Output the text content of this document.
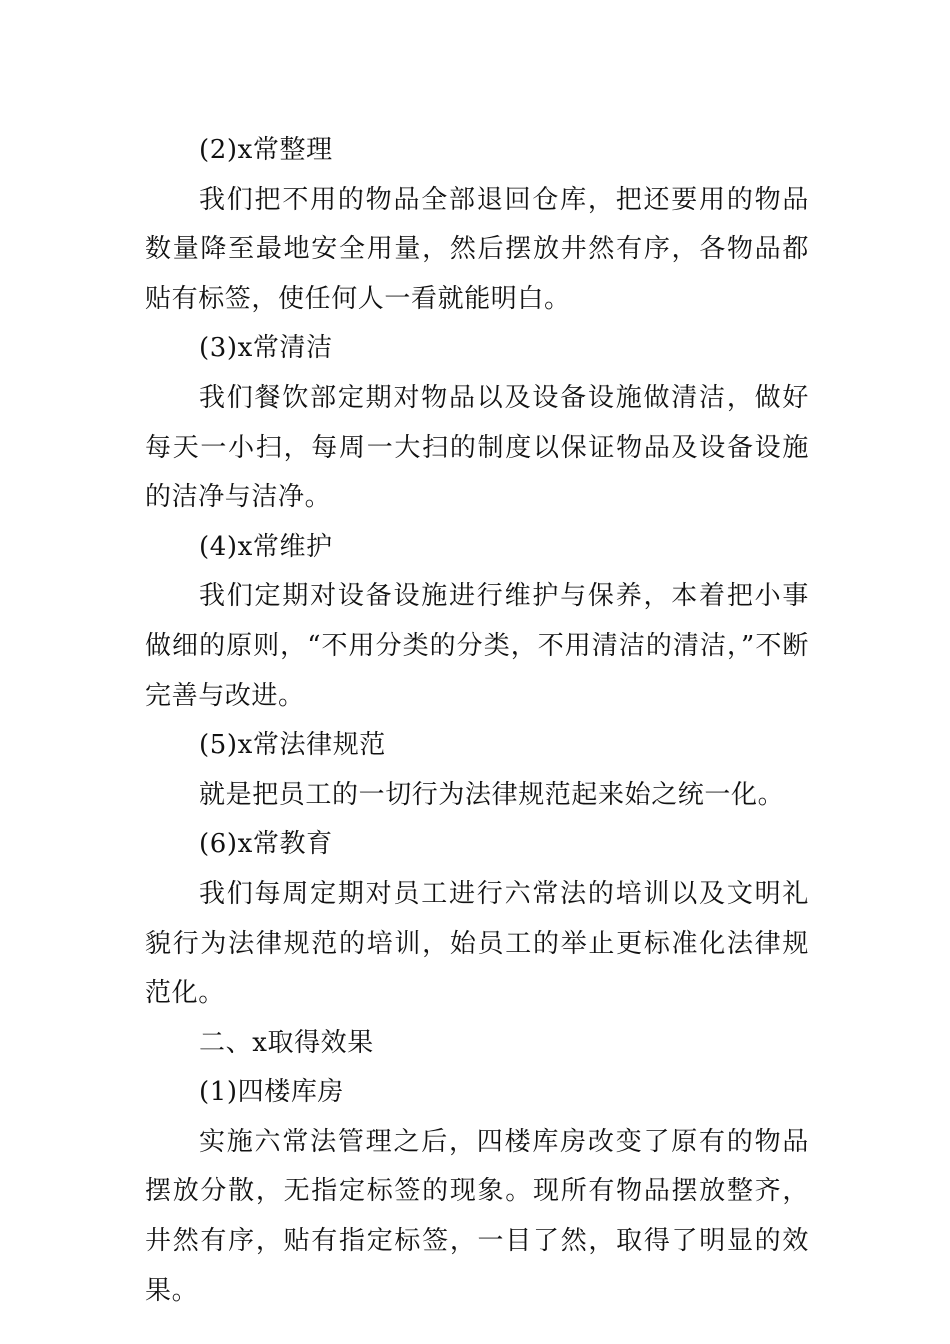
(2)x常整理

我们把不用的物品全部退回仓库，把还要用的物品数量降至最地安全用量，然后摆放井然有序，各物品都贴有标签，使任何人一看就能明白。

(3)x常清洁

我们餐饮部定期对物品以及设备设施做清洁，做好每天一小扫，每周一大扫的制度以保证物品及设备设施的洁净与洁净。

(4)x常维护

我们定期对设备设施进行维护与保养，本着把小事做细的原则，“不用分类的分类，不用清洁的清洁，”不断完善与改进。

(5)x常法律规范

就是把员工的一切行为法律规范起来始之统一化。

(6)x常教育

我们每周定期对员工进行六常法的培训以及文明礼貌行为法律规范的培训，始员工的举止更标准化法律规范化。

二、x取得效果

(1)四楼库房

实施六常法管理之后，四楼库房改变了原有的物品摆放分散，无指定标签的现象。现所有物品摆放整齐，井然有序，贴有指定标签，一目了然，取得了明显的效果。
